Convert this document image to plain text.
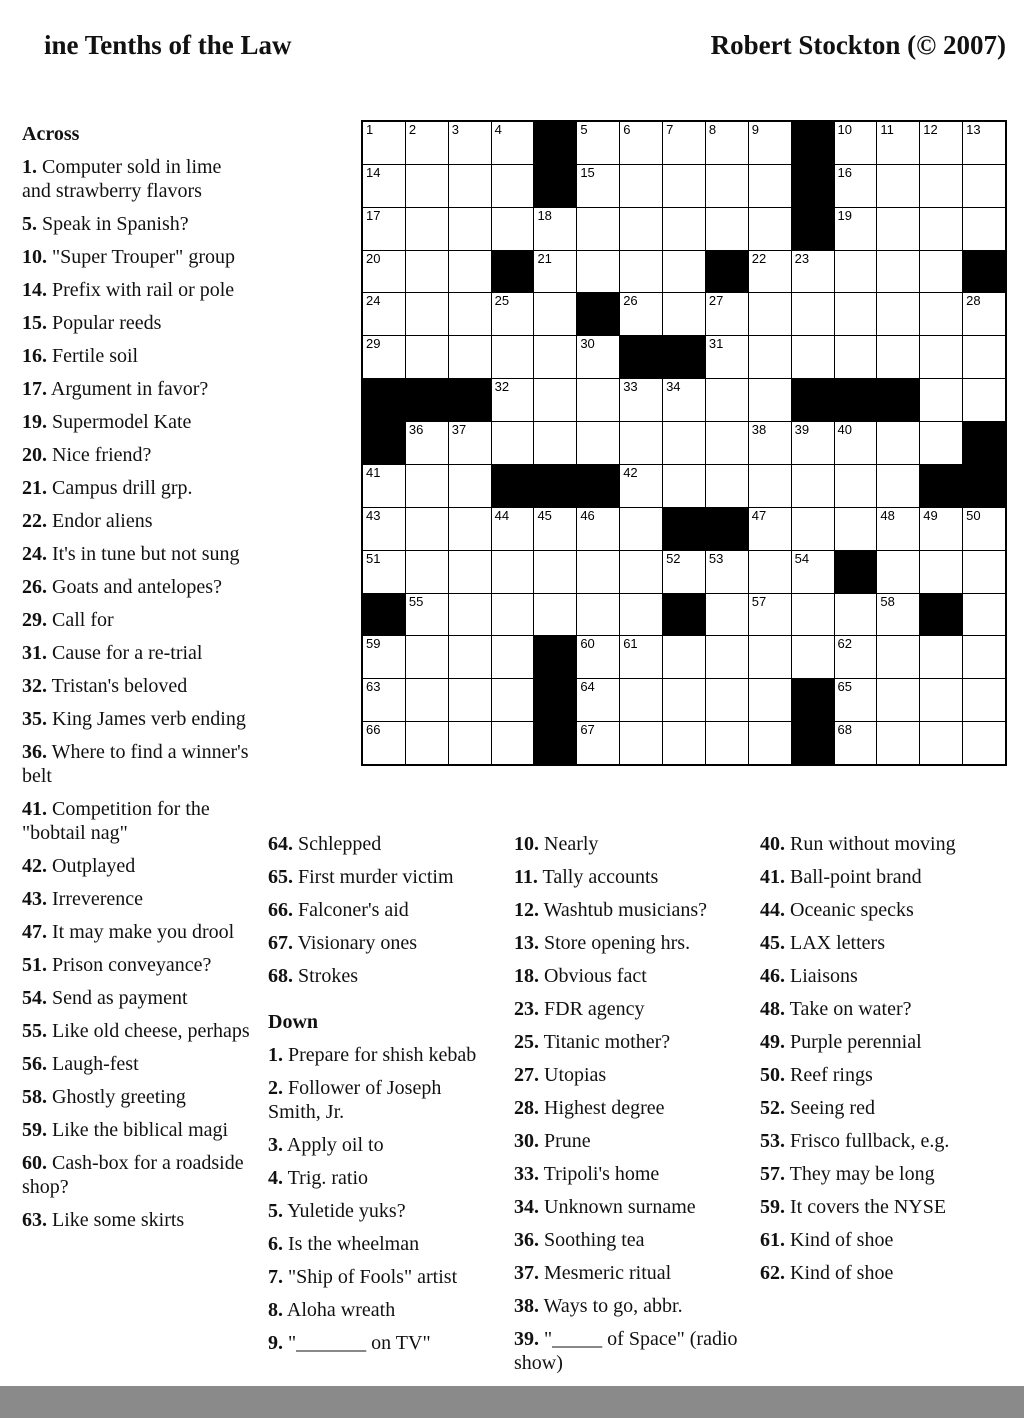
ine Tenths of the Law	Robert Stockton (© 2007)
Across
1. Computer sold in lime and strawberry flavors
5. Speak in Spanish?
10. "Super Trouper" group
14. Prefix with rail or pole
15. Popular reeds
16. Fertile soil
17. Argument in favor?
19. Supermodel Kate
20. Nice friend?
21. Campus drill grp.
22. Endor aliens
24. It's in tune but not sung
26. Goats and antelopes?
29. Call for
31. Cause for a re-trial
32. Tristan's beloved
35. King James verb ending
36. Where to find a winner's belt
41. Competition for the "bobtail nag"
42. Outplayed
43. Irreverence
47. It may make you drool
51. Prison conveyance?
54. Send as payment
55. Like old cheese, perhaps
56. Laugh-fest
58. Ghostly greeting
59. Like the biblical magi
60. Cash-box for a roadside shop?
63. Like some skirts
64. Schlepped
65. First murder victim
66. Falconer's aid
67. Visionary ones
68. Strokes
Down
1. Prepare for shish kebab
2. Follower of Joseph Smith, Jr.
3. Apply oil to
4. Trig. ratio
5. Yuletide yuks?
6. Is the wheelman
7. "Ship of Fools" artist
8. Aloha wreath
9. "_______ on TV"
10. Nearly
11. Tally accounts
12. Washtub musicians?
13. Store opening hrs.
18. Obvious fact
23. FDR agency
25. Titanic mother?
27. Utopias
28. Highest degree
30. Prune
33. Tripoli's home
34. Unknown surname
36. Soothing tea
37. Mesmeric ritual
38. Ways to go, abbr.
39. "_____ of Space" (radio show)
40. Run without moving
41. Ball-point brand
44. Oceanic specks
45. LAX letters
46. Liaisons
48. Take on water?
49. Purple perennial
50. Reef rings
52. Seeing red
53. Frisco fullback, e.g.
57. They may be long
59. It covers the NYSE
61. Kind of shoe
62. Kind of shoe
1	2	3	4	5	6	7	8	9	10 11 12 13
14	15	16
17	18	19
20	21	22 23
24	25	26	27	28
29	30	31
32	33 34
36 37	38 39 40
41	42
43	44 45 46	47	48 49 50
51	52 53	54
55	57	58
59	60 61	62
63	64	65
66	67	68
